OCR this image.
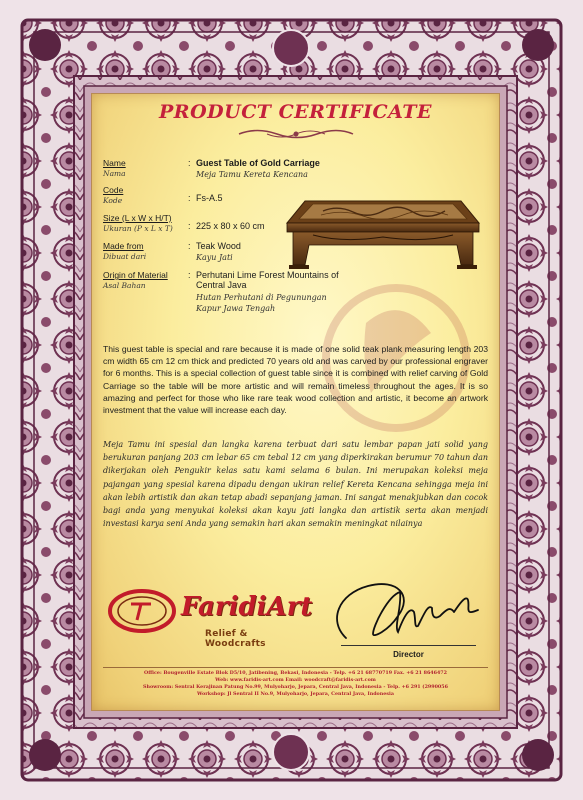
PRODUCT CERTIFICATE
Name
Nama
: Guest Table of Gold Carriage
Meja Tamu Kereta Kencana
Code
Kode	: Fs-A.5
Size (L x W x H/T)
Ukuran (P x L x T) : 225 x 80 x 60 cm
Made from
Dibuat dari
: Teak Wood
Kayu Jati
Origin of Material
Asal Bahan
: Perhutani Lime Forest Mountains of Central Java
Hutan Perhutani di Pegunungan Kapur Jawa Tengah
This guest table is special and rare because it is made of one solid teak plank measuring length 203 cm width 65 cm 12 cm thick and predicted 70 years old and was carved by our professional engraver for 6 months. This is a special collection of guest table since it is combined with relief carving of Gold Carriage so the table will be more artistic and will remain timeless throughout the ages. It is so amazing and perfect for those who like rare teak wood collection and artistic, it become an artwork investment that the value will increase each day.
Meja Tamu ini spesial dan langka karena terbuat dari satu lembar papan jati solid yang berukuran panjang 203 cm lebar 65 cm tebal 12 cm yang diperkirakan berumur 70 tahun dan dikerjakan oleh Pengukir kelas satu kami selama 6 bulan. Ini merupakan koleksi meja pajangan yang spesial karena dipadu dengan ukiran relief Kereta Kencana sehingga meja ini akan lebih artistik dan akan tetap abadi sepanjang jaman. Ini sangat menakjubkan dan cocok bagi anda yang menyukai koleksi akan kayu jati langka dan artistik serta akan menjadi investasi karya seni Anda yang semakin hari akan semakin meningkat nilainya
FaridiArt
Relief & Woodcrafts
Director
Office: Bougenville Estate Blok D5/10, Jatibening, Bekasi, Indonesia - Telp. +6 21 68770719 Fax. +6 21 8646472
Web: www.faridis-art.com Email: woodcraft@faridis-art.com
Showroom: Sentral Kerajinan Patung No.99, Mulyoharjo, Jepara, Central Java, Indonesia - Telp. +6 291 (2990056
Workshop: Jl Sentral II No.9, Mulyoharjo, Jepara, Central Java, Indonesia
